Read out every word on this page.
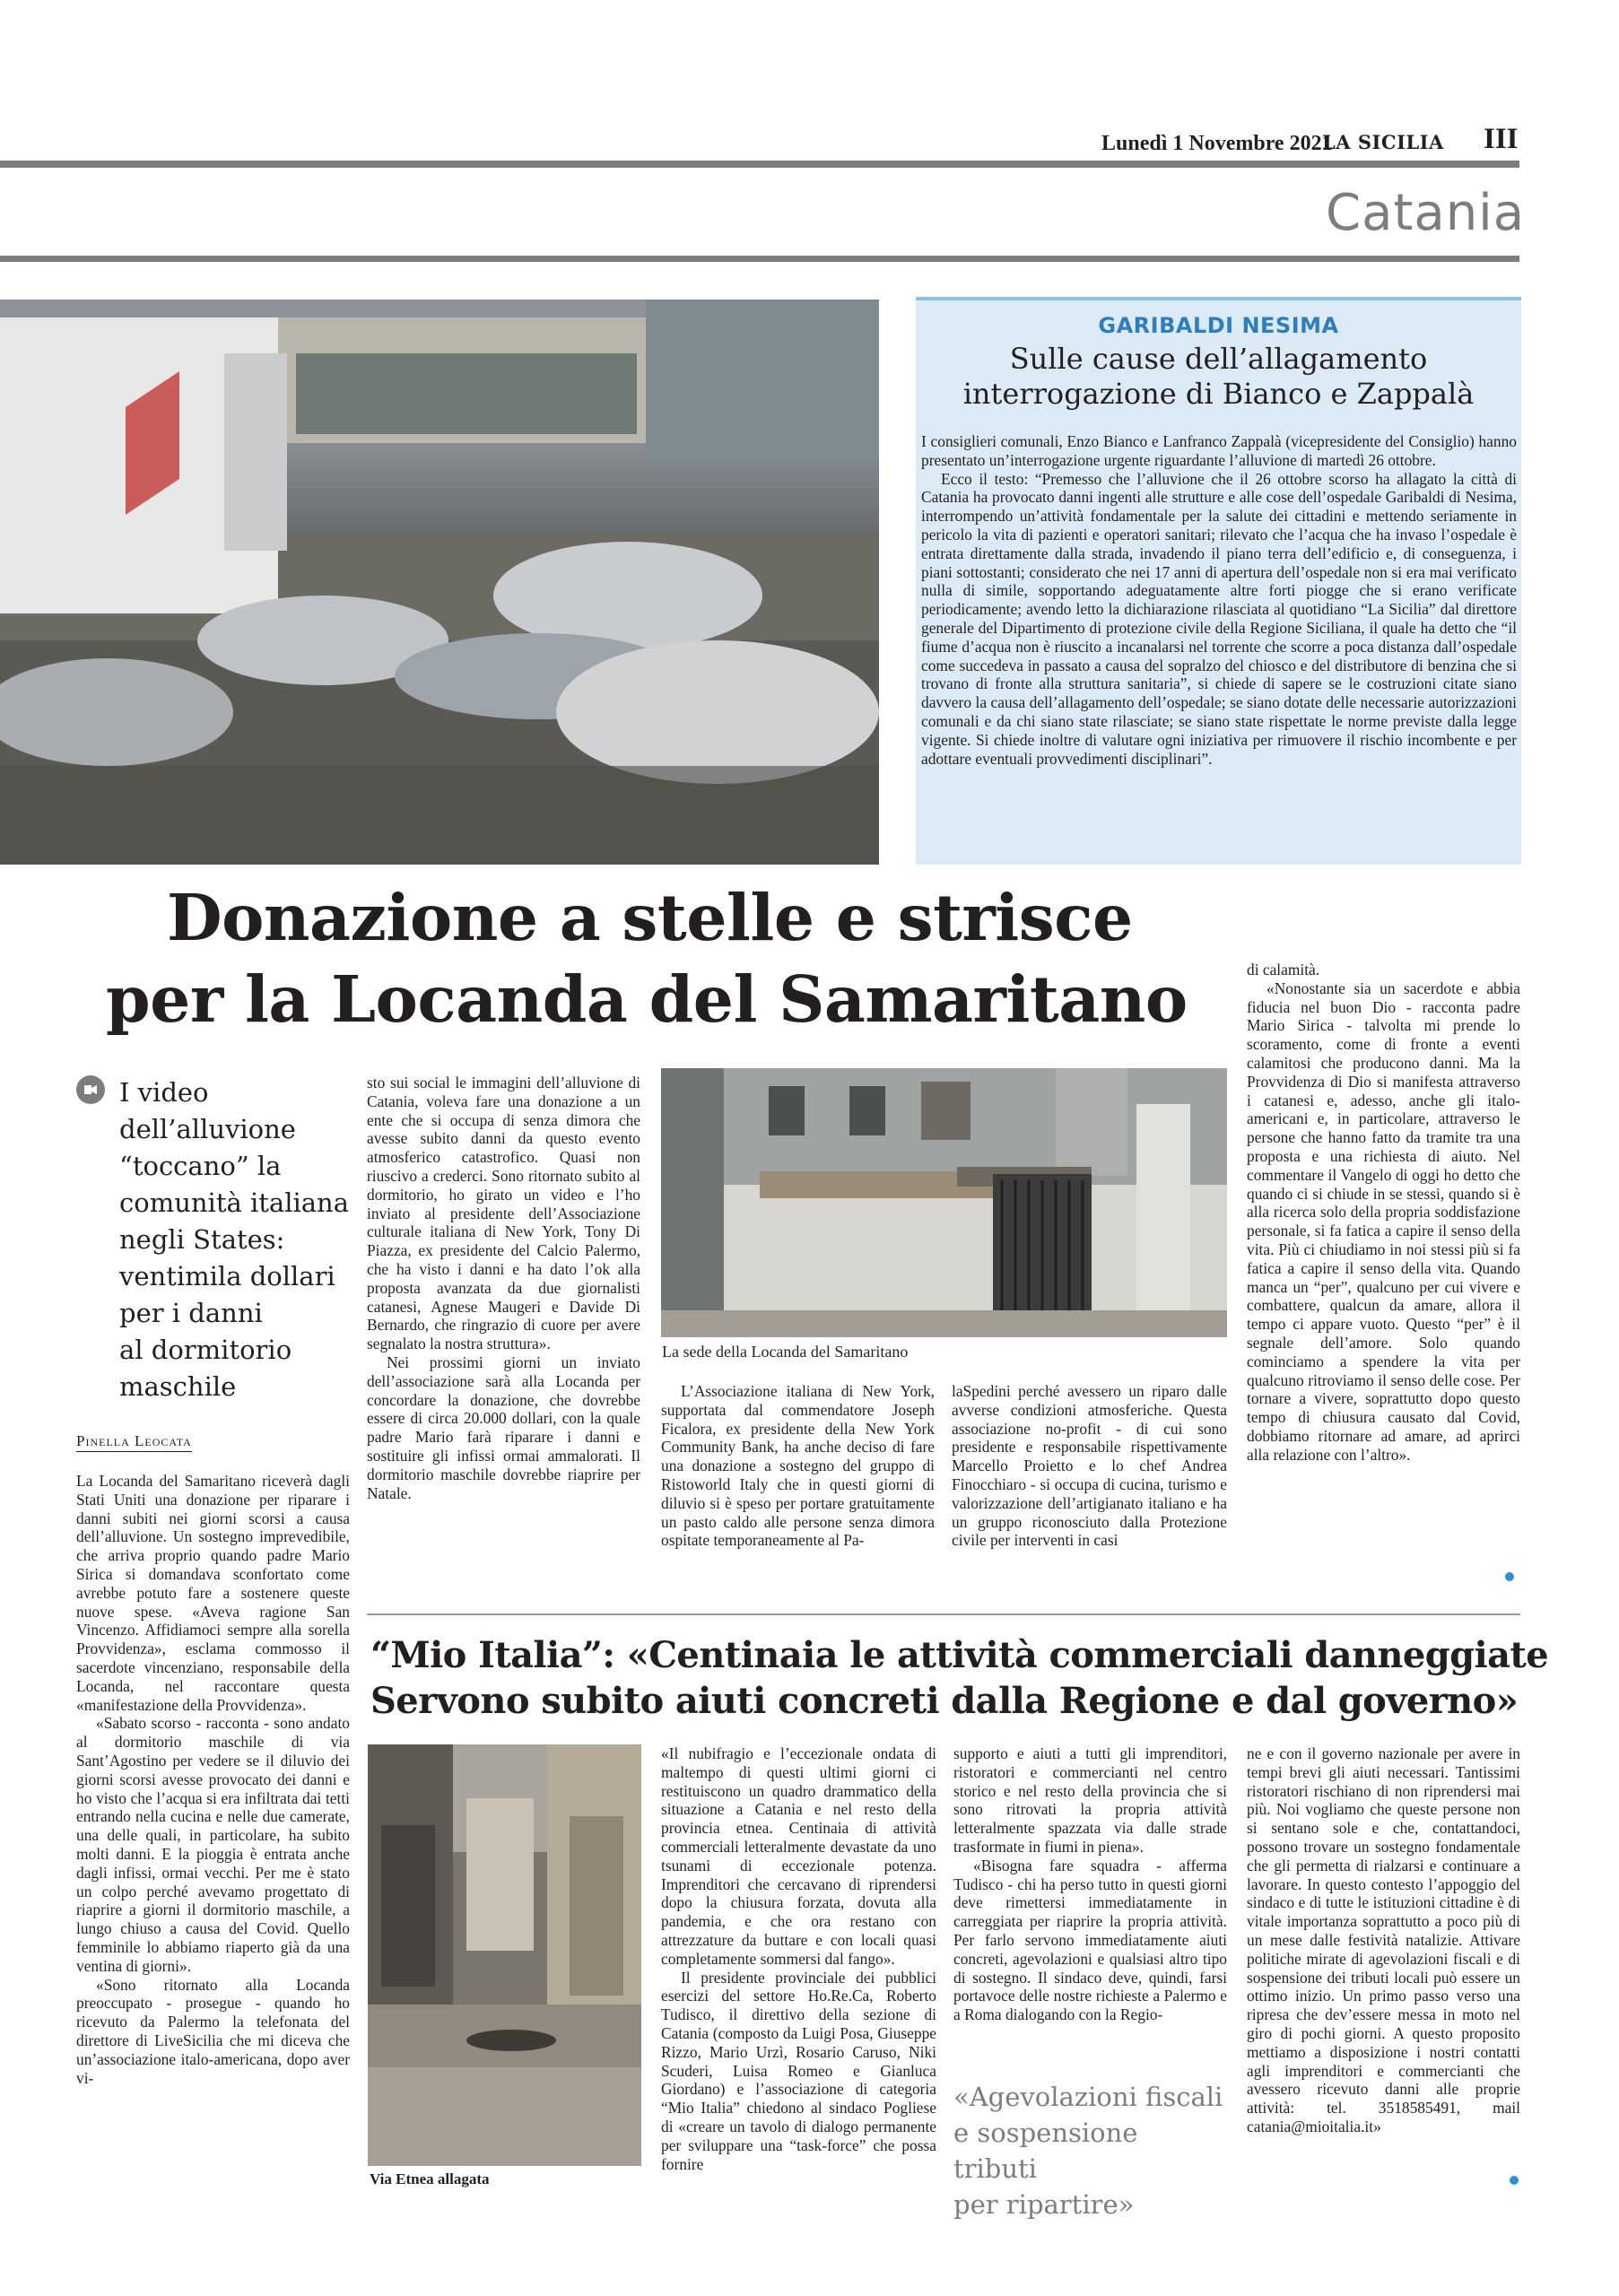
Lunedì 1 Novembre 2021
LA SICILIA III
Catania
GARIBALDI NESIMA
Sulle cause dell’allagamento
interrogazione di Bianco e Zappalà

I consiglieri comunali, Enzo Bianco e Lanfranco Zappalà (vicepresidente del Consiglio) hanno presentato un’interrogazione urgente riguardante l’alluvione di martedì 26 ottobre.

Ecco il testo: “Premesso che l’alluvione che il 26 ottobre scorso ha allagato la città di Catania ha provocato danni ingenti alle strutture e alle cose dell’ospedale Garibaldi di Nesima, interrompendo un’attività fondamentale per la salute dei cittadini e mettendo seriamente in pericolo la vita di pazienti e operatori sanitari; rilevato che l’acqua che ha invaso l’ospedale è entrata direttamente dalla strada, invadendo il piano terra dell’edificio e, di conseguenza, i piani sottostanti; considerato che nei 17 anni di apertura dell’ospedale non si era mai verificato nulla di simile, sopportando adeguatamente altre forti piogge che si erano verificate periodicamente; avendo letto la dichiarazione rilasciata al quotidiano “La Sicilia” dal direttore generale del Dipartimento di protezione civile della Regione Siciliana, il quale ha detto che “il fiume d’acqua non è riuscito a incanalarsi nel torrente che scorre a poca distanza dall’ospedale come succedeva in passato a causa del sopralzo del chiosco e del distributore di benzina che si trovano di fronte alla struttura sanitaria”, si chiede di sapere se le costruzioni citate siano davvero la causa dell’allagamento dell’ospedale; se siano dotate delle necessarie autorizzazioni comunali e da chi siano state rilasciate; se siano state rispettate le norme previste dalla legge vigente. Si chiede inoltre di valutare ogni iniziativa per rimuovere il rischio incombente e per adottare eventuali provvedimenti disciplinari”.

Donazione a stelle e strisce
per la Locanda del Samaritano
I video
dell’alluvione
“toccano” la
comunità italiana
negli States:
ventimila dollari
per i danni
al dormitorio
maschile
Pinella Leocata

La Locanda del Samaritano riceverà dagli Stati Uniti una donazione per riparare i danni subiti nei giorni scorsi a causa dell’alluvione. Un sostegno imprevedibile, che arriva proprio quando padre Mario Sirica si domandava sconfortato come avrebbe potuto fare a sostenere queste nuove spese. «Aveva ragione San Vincenzo. Affidiamoci sempre alla sorella Provvidenza», esclama commosso il sacerdote vincenziano, responsabile della Locanda, nel raccontare questa «manifestazione della Provvidenza».

«Sabato scorso - racconta - sono andato al dormitorio maschile di via Sant’Agostino per vedere se il diluvio dei giorni scorsi avesse provocato dei danni e ho visto che l’acqua si era infiltrata dai tetti entrando nella cucina e nelle due camerate, una delle quali, in particolare, ha subito molti danni. E la pioggia è entrata anche dagli infissi, ormai vecchi. Per me è stato un colpo perché avevamo progettato di riaprire a giorni il dormitorio maschile, a lungo chiuso a causa del Covid. Quello femminile lo abbiamo riaperto già da una ventina di giorni».

«Sono ritornato alla Locanda preoccupato - prosegue - quando ho ricevuto da Palermo la telefonata del direttore di LiveSicilia che mi diceva che un’associazione italo-americana, dopo aver vi-

sto sui social le immagini dell’alluvione di Catania, voleva fare una donazione a un ente che si occupa di senza dimora che avesse subito danni da questo evento atmosferico catastrofico. Quasi non riuscivo a crederci. Sono ritornato subito al dormitorio, ho girato un video e l’ho inviato al presidente dell’Associazione culturale italiana di New York, Tony Di Piazza, ex presidente del Calcio Palermo, che ha visto i danni e ha dato l’ok alla proposta avanzata da due giornalisti catanesi, Agnese Maugeri e Davide Di Bernardo, che ringrazio di cuore per avere segnalato la nostra struttura».

Nei prossimi giorni un inviato dell’associazione sarà alla Locanda per concordare la donazione, che dovrebbe essere di circa 20.000 dollari, con la quale padre Mario farà riparare i danni e sostituire gli infissi ormai ammalorati. Il dormitorio maschile dovrebbe riaprire per Natale.

La sede della Locanda del Samaritano

L’Associazione italiana di New York, supportata dal commendatore Joseph Ficalora, ex presidente della New York Community Bank, ha anche deciso di fare una donazione a sostegno del gruppo di Ristoworld Italy che in questi giorni di diluvio si è speso per portare gratuitamente un pasto caldo alle persone senza dimora ospitate temporaneamente al Pa-

laSpedini perché avessero un riparo dalle avverse condizioni atmosferiche. Questa associazione no-profit - di cui sono presidente e responsabile rispettivamente Marcello Proietto e lo chef Andrea Finocchiaro - si occupa di cucina, turismo e valorizzazione dell’artigianato italiano e ha un gruppo riconosciuto dalla Protezione civile per interventi in casi

di calamità.

«Nonostante sia un sacerdote e abbia fiducia nel buon Dio - racconta padre Mario Sirica - talvolta mi prende lo scoramento, come di fronte a eventi calamitosi che producono danni. Ma la Provvidenza di Dio si manifesta attraverso i catanesi e, adesso, anche gli italo-americani e, in particolare, attraverso le persone che hanno fatto da tramite tra una proposta e una richiesta di aiuto. Nel commentare il Vangelo di oggi ho detto che quando ci si chiude in se stessi, quando si è alla ricerca solo della propria soddisfazione personale, si fa fatica a capire il senso della vita. Più ci chiudiamo in noi stessi più si fa fatica a capire il senso della vita. Quando manca un “per”, qualcuno per cui vivere e combattere, qualcun da amare, allora il tempo ci appare vuoto. Questo “per” è il segnale dell’amore. Solo quando cominciamo a spendere la vita per qualcuno ritroviamo il senso delle cose. Per tornare a vivere, soprattutto dopo questo tempo di chiusura causato dal Covid, dobbiamo ritornare ad amare, ad aprirci alla relazione con l’altro».

“Mio Italia”: «Centinaia le attività commerciali danneggiate
Servono subito aiuti concreti dalla Regione e dal governo»
Via Etnea allagata

«Il nubifragio e l’eccezionale ondata di maltempo di questi ultimi giorni ci restituiscono un quadro drammatico della situazione a Catania e nel resto della provincia etnea. Centinaia di attività commerciali letteralmente devastate da uno tsunami di eccezionale potenza. Imprenditori che cercavano di riprendersi dopo la chiusura forzata, dovuta alla pandemia, e che ora restano con attrezzature da buttare e con locali quasi completamente sommersi dal fango».

Il presidente provinciale dei pubblici esercizi del settore Ho.Re.Ca, Roberto Tudisco, il direttivo della sezione di Catania (composto da Luigi Posa, Giuseppe Rizzo, Mario Urzì, Rosario Caruso, Niki Scuderi, Luisa Romeo e Gianluca Giordano) e l’associazione di categoria “Mio Italia” chiedono al sindaco Pogliese di «creare un tavolo di dialogo permanente per sviluppare una “task-force” che possa fornire

supporto e aiuti a tutti gli imprenditori, ristoratori e commercianti nel centro storico e nel resto della provincia che si sono ritrovati la propria attività letteralmente spazzata via dalle strade trasformate in fiumi in piena».

«Bisogna fare squadra - afferma Tudisco - chi ha perso tutto in questi giorni deve rimettersi immediatamente in carreggiata per riaprire la propria attività. Per farlo servono immediatamente aiuti concreti, agevolazioni e qualsiasi altro tipo di sostegno. Il sindaco deve, quindi, farsi portavoce delle nostre richieste a Palermo e a Roma dialogando con la Regio-

«Agevolazioni fiscali
e sospensione tributi
per ripartire»

ne e con il governo nazionale per avere in tempi brevi gli aiuti necessari. Tantissimi ristoratori rischiano di non riprendersi mai più. Noi vogliamo che queste persone non si sentano sole e che, contattandoci, possono trovare un sostegno fondamentale che gli permetta di rialzarsi e continuare a lavorare. In questo contesto l’appoggio del sindaco e di tutte le istituzioni cittadine è di vitale importanza soprattutto a poco più di un mese dalle festività natalizie. Attivare politiche mirate di agevolazioni fiscali e di sospensione dei tributi locali può essere un ottimo inizio. Un primo passo verso una ripresa che dev’essere messa in moto nel giro di pochi giorni. A questo proposito mettiamo a disposizione i nostri contatti agli imprenditori e commercianti che avessero ricevuto danni alle proprie attività: tel. 3518585491, mail catania@mioitalia.it»
